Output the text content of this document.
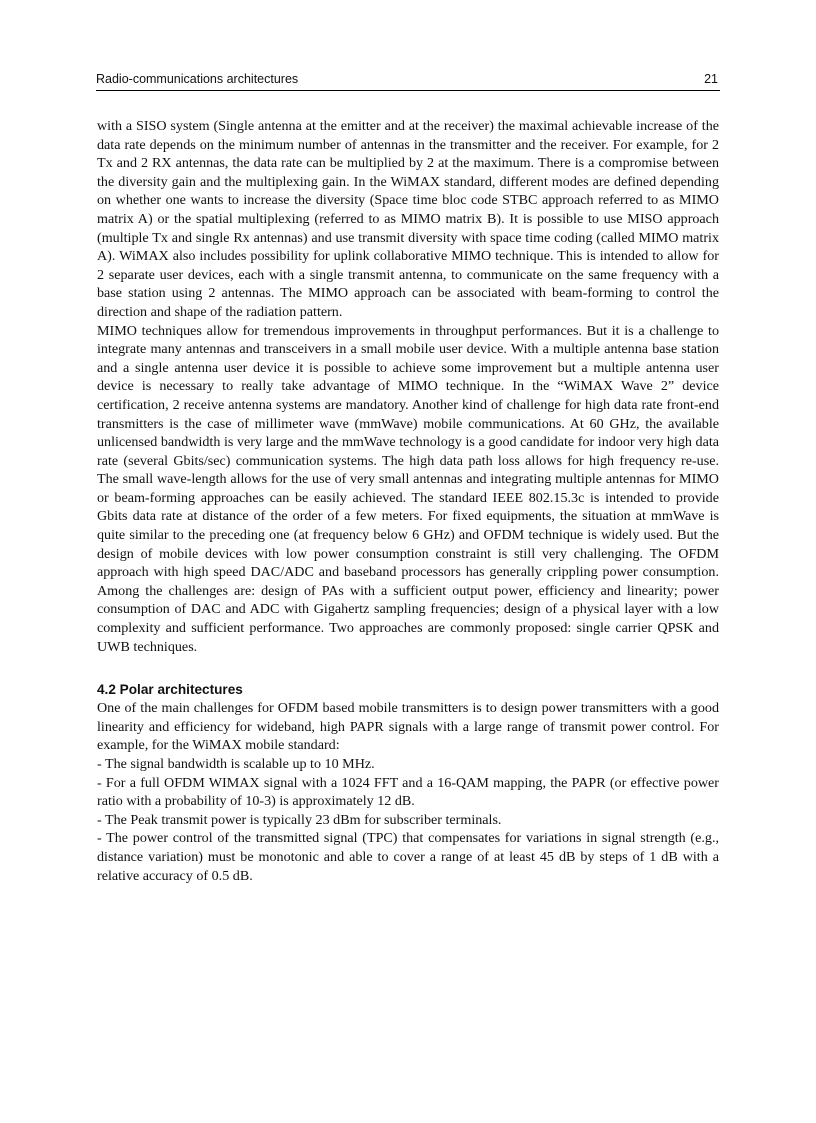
Radio-communications architectures	21

with a SISO system (Single antenna at the emitter and at the receiver) the maximal achievable increase of the data rate depends on the minimum number of antennas in the transmitter and the receiver. For example, for 2 Tx and 2 RX antennas, the data rate can be multiplied by 2 at the maximum. There is a compromise between the diversity gain and the multiplexing gain. In the WiMAX standard, different modes are defined depending on whether one wants to increase the diversity (Space time bloc code STBC approach referred to as MIMO matrix A) or the spatial multiplexing (referred to as MIMO matrix B). It is possible to use MISO approach (multiple Tx and single Rx antennas) and use transmit diversity with space time coding (called MIMO matrix A). WiMAX also includes possibility for uplink collaborative MIMO technique. This is intended to allow for 2 separate user devices, each with a single transmit antenna, to communicate on the same frequency with a base station using 2 antennas. The MIMO approach can be associated with beam-forming to control the direction and shape of the radiation pattern.

MIMO techniques allow for tremendous improvements in throughput performances. But it is a challenge to integrate many antennas and transceivers in a small mobile user device. With a multiple antenna base station and a single antenna user device it is possible to achieve some improvement but a multiple antenna user device is necessary to really take advantage of MIMO technique. In the “WiMAX Wave 2” device certification, 2 receive antenna systems are mandatory. Another kind of challenge for high data rate front-end transmitters is the case of millimeter wave (mmWave) mobile communications. At 60 GHz, the available unlicensed bandwidth is very large and the mmWave technology is a good candidate for indoor very high data rate (several Gbits/sec) communication systems. The high data path loss allows for high frequency re-use. The small wave-length allows for the use of very small antennas and integrating multiple antennas for MIMO or beam-forming approaches can be easily achieved. The standard IEEE 802.15.3c is intended to provide Gbits data rate at distance of the order of a few meters. For fixed equipments, the situation at mmWave is quite similar to the preceding one (at frequency below 6 GHz) and OFDM technique is widely used. But the design of mobile devices with low power consumption constraint is still very challenging. The OFDM approach with high speed DAC/ADC and baseband processors has generally crippling power consumption. Among the challenges are: design of PAs with a sufficient output power, efficiency and linearity; power consumption of DAC and ADC with Gigahertz sampling frequencies; design of a physical layer with a low complexity and sufficient performance. Two approaches are commonly proposed: single carrier QPSK and UWB techniques.

4.2 Polar architectures

One of the main challenges for OFDM based mobile transmitters is to design power transmitters with a good linearity and efficiency for wideband, high PAPR signals with a large range of transmit power control. For example, for the WiMAX mobile standard:

- The signal bandwidth is scalable up to 10 MHz.

- For a full OFDM WIMAX signal with a 1024 FFT and a 16-QAM mapping, the PAPR (or effective power ratio with a probability of 10-3) is approximately 12 dB.

- The Peak transmit power is typically 23 dBm for subscriber terminals.

- The power control of the transmitted signal (TPC) that compensates for variations in signal strength (e.g., distance variation) must be monotonic and able to cover a range of at least 45 dB by steps of 1 dB with a relative accuracy of 0.5 dB.
